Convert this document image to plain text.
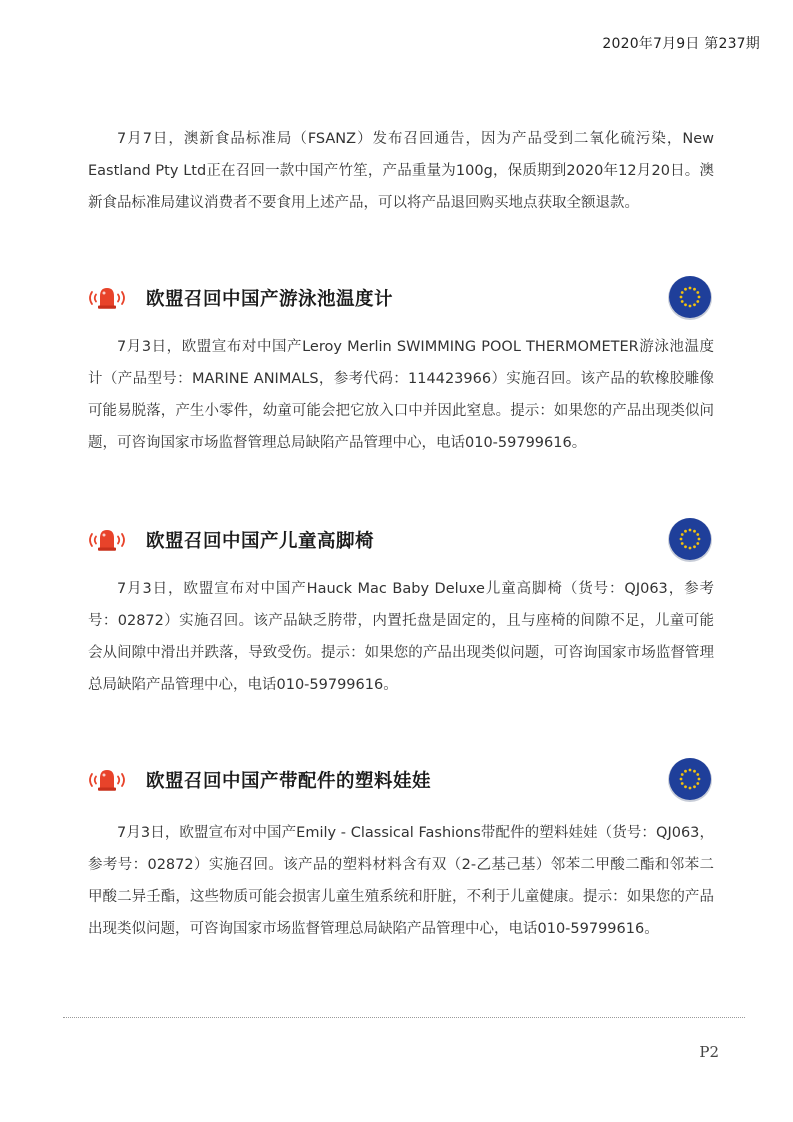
2020年7月9日 第237期

7月7日，澳新食品标准局（FSANZ）发布召回通告，因为产品受到二氧化硫污染，New Eastland Pty Ltd正在召回一款中国产竹笙，产品重量为100g，保质期到2020年12月20日。澳新食品标准局建议消费者不要食用上述产品，可以将产品退回购买地点获取全额退款。

欧盟召回中国产游泳池温度计

7月3日，欧盟宣布对中国产Leroy Merlin SWIMMING POOL THERMOMETER游泳池温度计（产品型号：MARINE ANIMALS，参考代码：114423966）实施召回。该产品的软橡胶雕像可能易脱落，产生小零件，幼童可能会把它放入口中并因此窒息。提示：如果您的产品出现类似问题，可咨询国家市场监督管理总局缺陷产品管理中心，电话010-59799616。

欧盟召回中国产儿童高脚椅

7月3日，欧盟宣布对中国产Hauck Mac Baby Deluxe儿童高脚椅（货号：QJ063，参考号：02872）实施召回。该产品缺乏胯带，内置托盘是固定的，且与座椅的间隙不足，儿童可能会从间隙中滑出并跌落，导致受伤。提示：如果您的产品出现类似问题，可咨询国家市场监督管理总局缺陷产品管理中心，电话010-59799616。

欧盟召回中国产带配件的塑料娃娃

7月3日，欧盟宣布对中国产Emily - Classical Fashions带配件的塑料娃娃（货号：QJ063，参考号：02872）实施召回。该产品的塑料材料含有双（2-乙基己基）邻苯二甲酸二酯和邻苯二甲酸二异壬酯，这些物质可能会损害儿童生殖系统和肝脏，不利于儿童健康。提示：如果您的产品出现类似问题，可咨询国家市场监督管理总局缺陷产品管理中心，电话010-59799616。

P2
